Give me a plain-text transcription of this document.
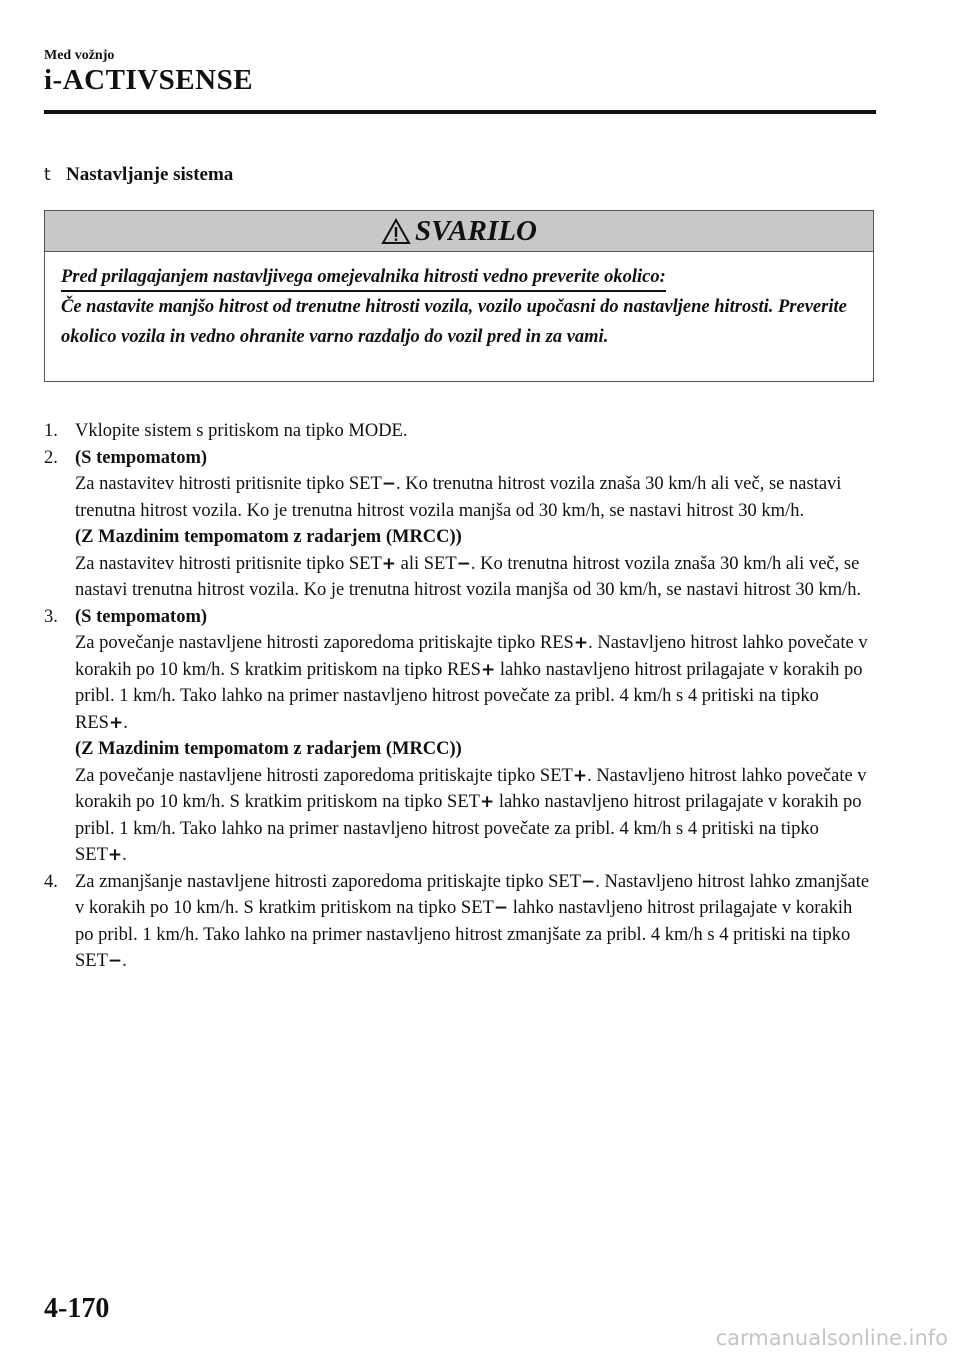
Med vožnjo
i-ACTIVSENSE
t Nastavljanje sistema
SVARILO
Pred prilagajanjem nastavljivega omejevalnika hitrosti vedno preverite okolico:
Če nastavite manjšo hitrost od trenutne hitrosti vozila, vozilo upočasni do nastavljene hitrosti. Preverite okolico vozila in vedno ohranite varno razdaljo do vozil pred in za vami.
1. Vklopite sistem s pritiskom na tipko MODE.
2. (S tempomatom)
Za nastavitev hitrosti pritisnite tipko SET−. Ko trenutna hitrost vozila znaša 30 km/h ali več, se nastavi trenutna hitrost vozila. Ko je trenutna hitrost vozila manjša od 30 km/h, se nastavi hitrost 30 km/h.
(Z Mazdinim tempomatom z radarjem (MRCC))
Za nastavitev hitrosti pritisnite tipko SET+ ali SET−. Ko trenutna hitrost vozila znaša 30 km/h ali več, se nastavi trenutna hitrost vozila. Ko je trenutna hitrost vozila manjša od 30 km/h, se nastavi hitrost 30 km/h.
3. (S tempomatom)
Za povečanje nastavljene hitrosti zaporedoma pritiskajte tipko RES+. Nastavljeno hitrost lahko povečate v korakih po 10 km/h. S kratkim pritiskom na tipko RES+ lahko nastavljeno hitrost prilagajate v korakih po pribl. 1 km/h. Tako lahko na primer nastavljeno hitrost povečate za pribl. 4 km/h s 4 pritiski na tipko RES+.
(Z Mazdinim tempomatom z radarjem (MRCC))
Za povečanje nastavljene hitrosti zaporedoma pritiskajte tipko SET+. Nastavljeno hitrost lahko povečate v korakih po 10 km/h. S kratkim pritiskom na tipko SET+ lahko nastavljeno hitrost prilagajate v korakih po pribl. 1 km/h. Tako lahko na primer nastavljeno hitrost povečate za pribl. 4 km/h s 4 pritiski na tipko SET+.
4. Za zmanjšanje nastavljene hitrosti zaporedoma pritiskajte tipko SET−. Nastavljeno hitrost lahko zmanjšate v korakih po 10 km/h. S kratkim pritiskom na tipko SET− lahko nastavljeno hitrost prilagajate v korakih po pribl. 1 km/h. Tako lahko na primer nastavljeno hitrost zmanjšate za pribl. 4 km/h s 4 pritiski na tipko SET−.
4-170
carmanualsonline.info
